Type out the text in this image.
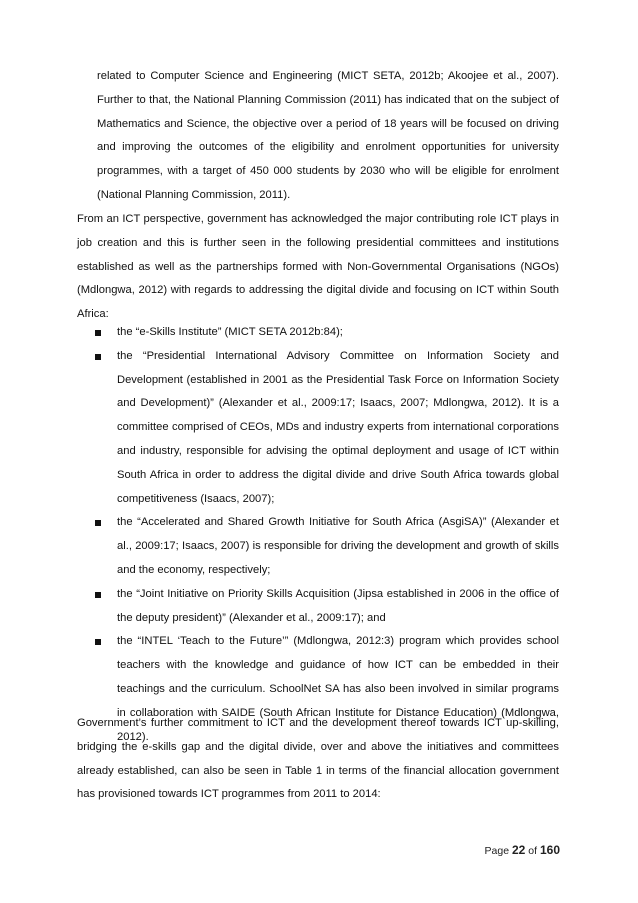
related to Computer Science and Engineering (MICT SETA, 2012b; Akoojee et al., 2007). Further to that, the National Planning Commission (2011) has indicated that on the subject of Mathematics and Science, the objective over a period of 18 years will be focused on driving and improving the outcomes of the eligibility and enrolment opportunities for university programmes, with a target of 450 000 students by 2030 who will be eligible for enrolment (National Planning Commission, 2011).

From an ICT perspective, government has acknowledged the major contributing role ICT plays in job creation and this is further seen in the following presidential committees and institutions established as well as the partnerships formed with Non-Governmental Organisations (NGOs) (Mdlongwa, 2012) with regards to addressing the digital divide and focusing on ICT within South Africa:

the “e-Skills Institute” (MICT SETA 2012b:84);
the “Presidential International Advisory Committee on Information Society and Development (established in 2001 as the Presidential Task Force on Information Society and Development)” (Alexander et al., 2009:17; Isaacs, 2007; Mdlongwa, 2012). It is a committee comprised of CEOs, MDs and industry experts from international corporations and industry, responsible for advising the optimal deployment and usage of ICT within South Africa in order to address the digital divide and drive South Africa towards global competitiveness (Isaacs, 2007);
the “Accelerated and Shared Growth Initiative for South Africa (AsgiSA)” (Alexander et al., 2009:17; Isaacs, 2007) is responsible for driving the development and growth of skills and the economy, respectively;
the “Joint Initiative on Priority Skills Acquisition (Jipsa established in 2006 in the office of the deputy president)” (Alexander et al., 2009:17); and
the “INTEL ‘Teach to the Future’” (Mdlongwa, 2012:3) program which provides school teachers with the knowledge and guidance of how ICT can be embedded in their teachings and the curriculum. SchoolNet SA has also been involved in similar programs in collaboration with SAIDE (South African Institute for Distance Education) (Mdlongwa, 2012).

Government’s further commitment to ICT and the development thereof towards ICT up-skilling, bridging the e-skills gap and the digital divide, over and above the initiatives and committees already established, can also be seen in Table 1 in terms of the financial allocation government has provisioned towards ICT programmes from 2011 to 2014:

Page 22 of 160
